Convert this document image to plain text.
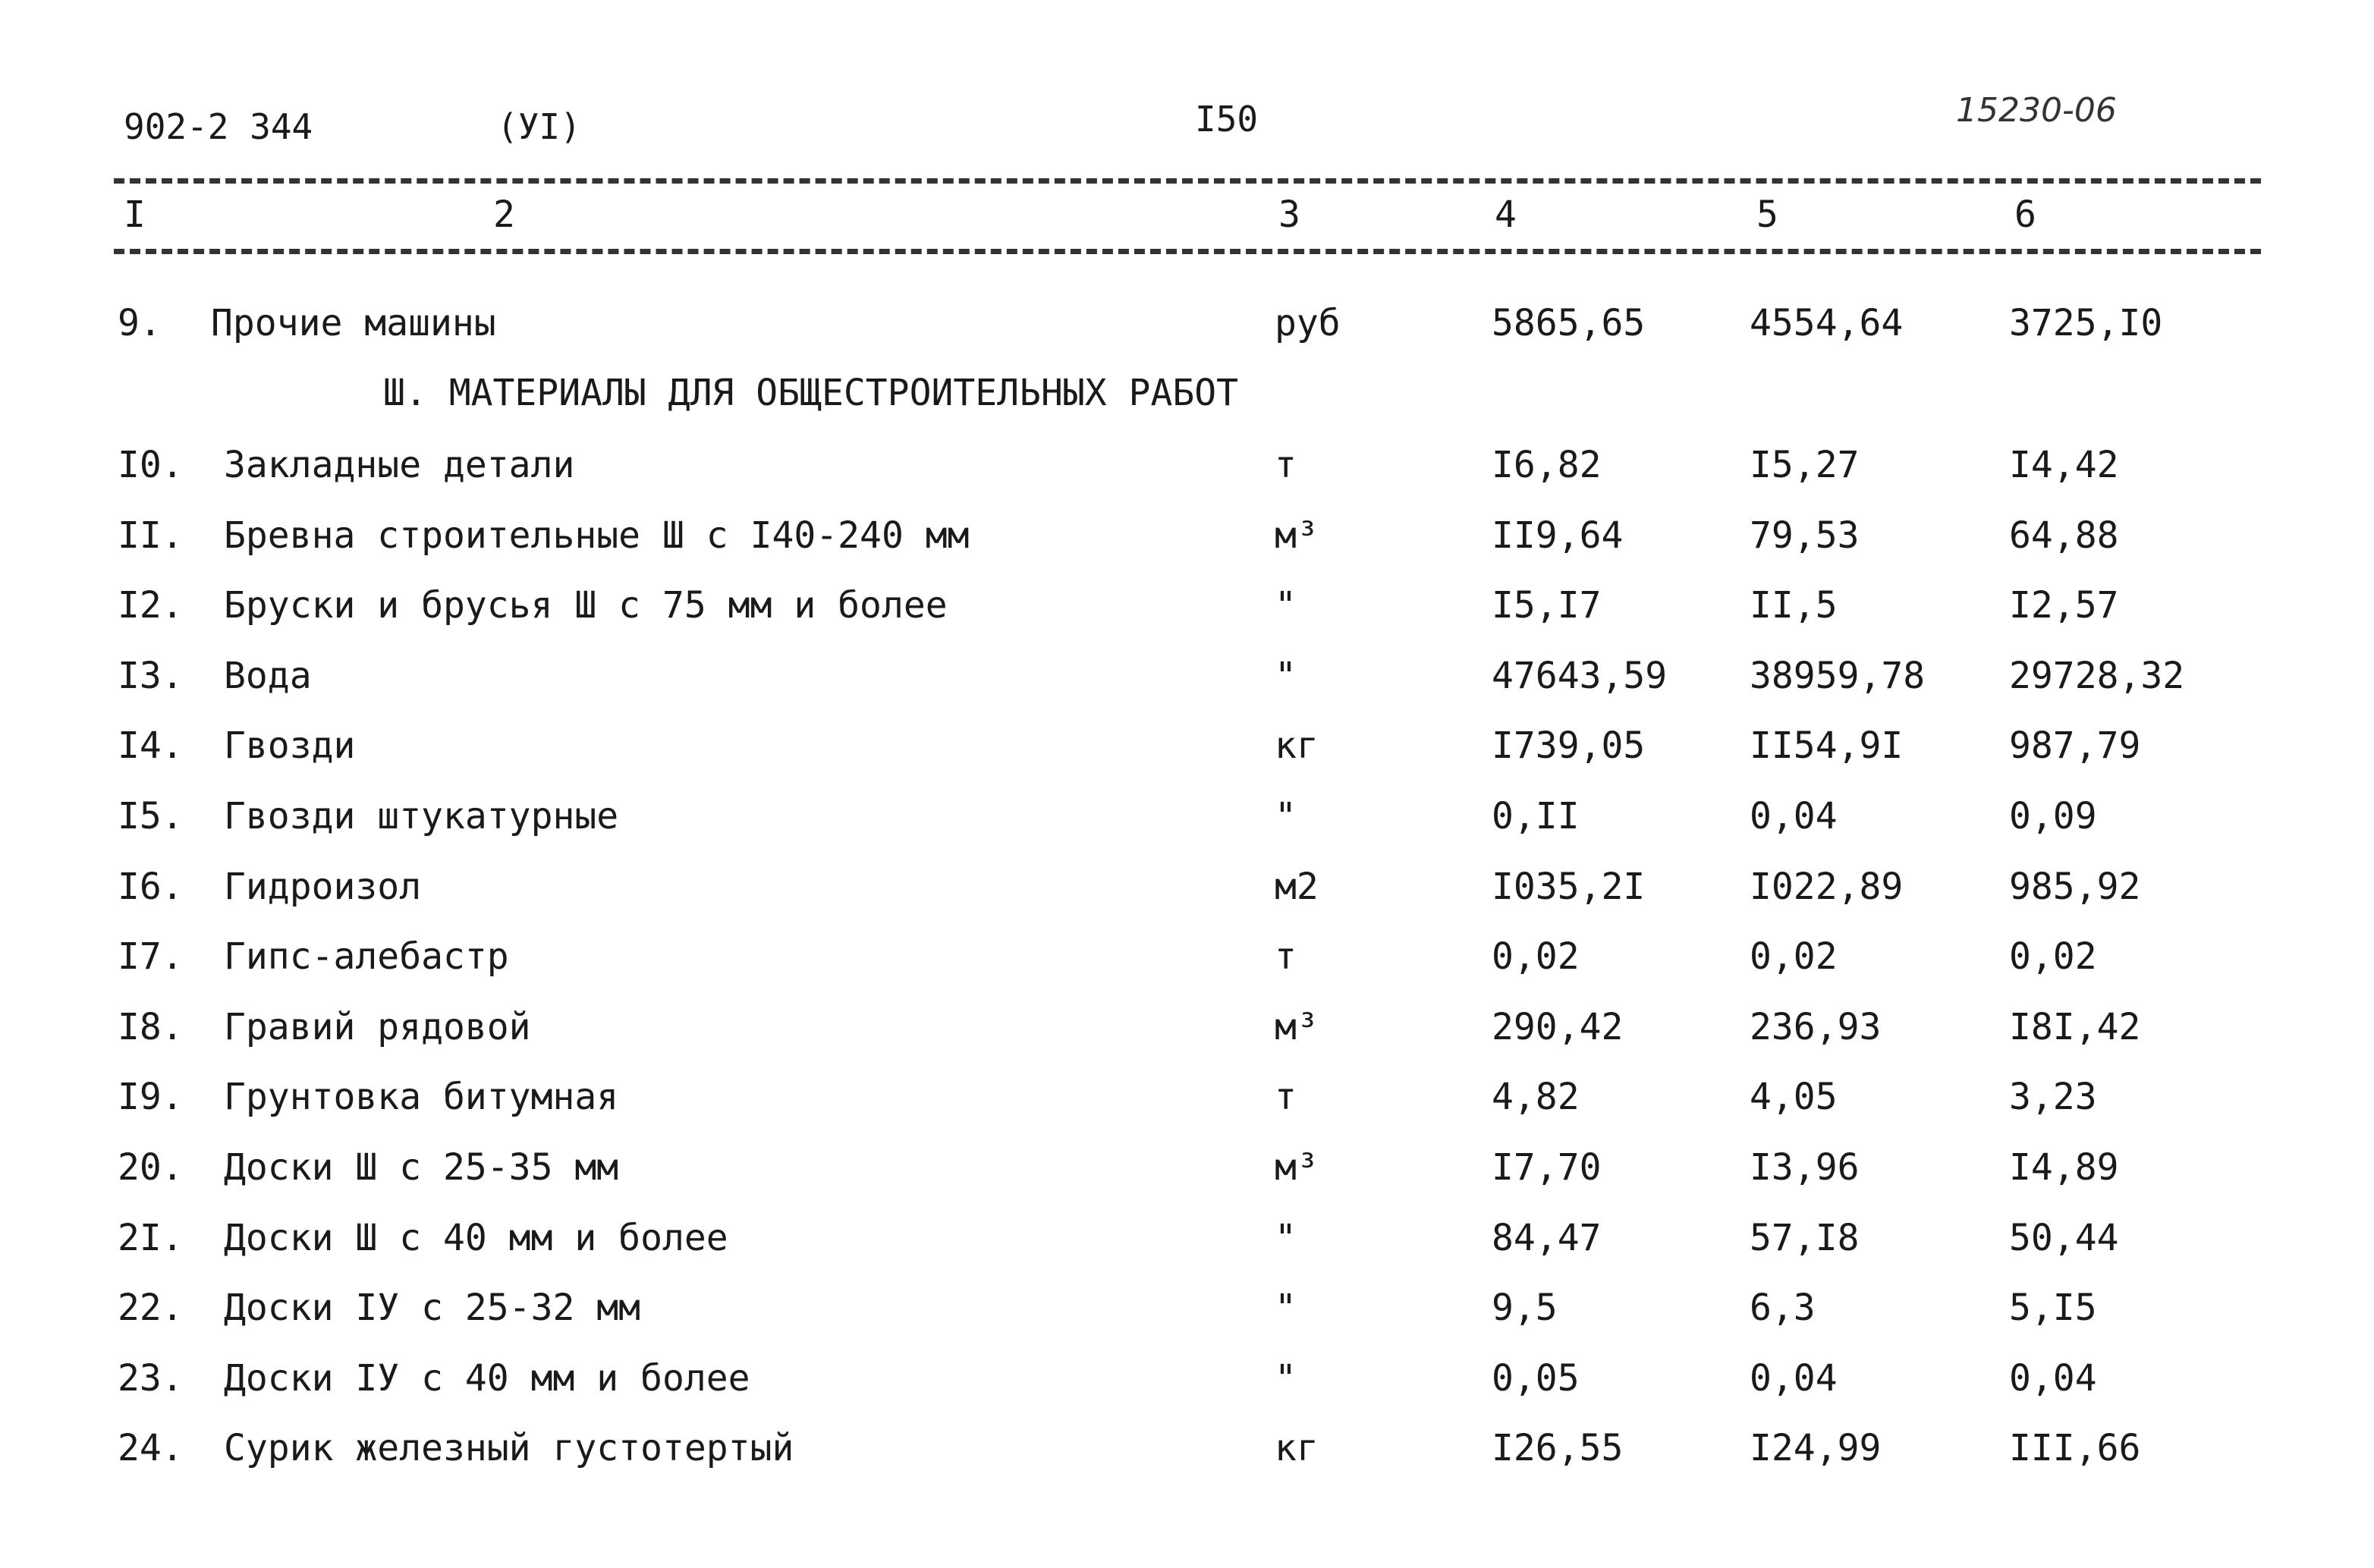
902-2 344	(УI)	I50	15230-06
I	2	3	4	5	6
9. Прочие машины	руб	5865,65	4554,64	3725,I0
Ш. МАТЕРИАЛЫ ДЛЯ ОБЩЕСТРОИТЕЛЬНЫХ РАБОТ
I0. Закладные детали	т	I6,82	I5,27	I4,42
II. Бревна строительные Ш с I40-240 мм	м³	II9,64	79,53	64,88
I2. Бруски и брусья Ш с 75 мм и более	"	I5,I7	II,5	I2,57
I3. Вода	"	47643,59 38959,78 29728,32
I4. Гвозди	кг	I739,05	II54,9I	987,79
I5. Гвозди штукатурные	"	0,II	0,04	0,09
I6. Гидроизол	м2	I035,2I	I022,89	985,92
I7. Гипс-алебастр	т	0,02	0,02	0,02
I8. Гравий рядовой	м³	290,42	236,93	I8I,42
I9. Грунтовка битумная	т	4,82	4,05	3,23
20. Доски Ш с 25-35 мм	м³	I7,70	I3,96	I4,89
2I. Доски Ш с 40 мм и более	"	84,47	57,I8	50,44
22. Доски IУ с 25-32 мм	"	9,5	6,3	5,I5
23. Доски IУ с 40 мм и более	"	0,05	0,04	0,04
24. Сурик железный густотертый	кг	I26,55	I24,99	III,66
